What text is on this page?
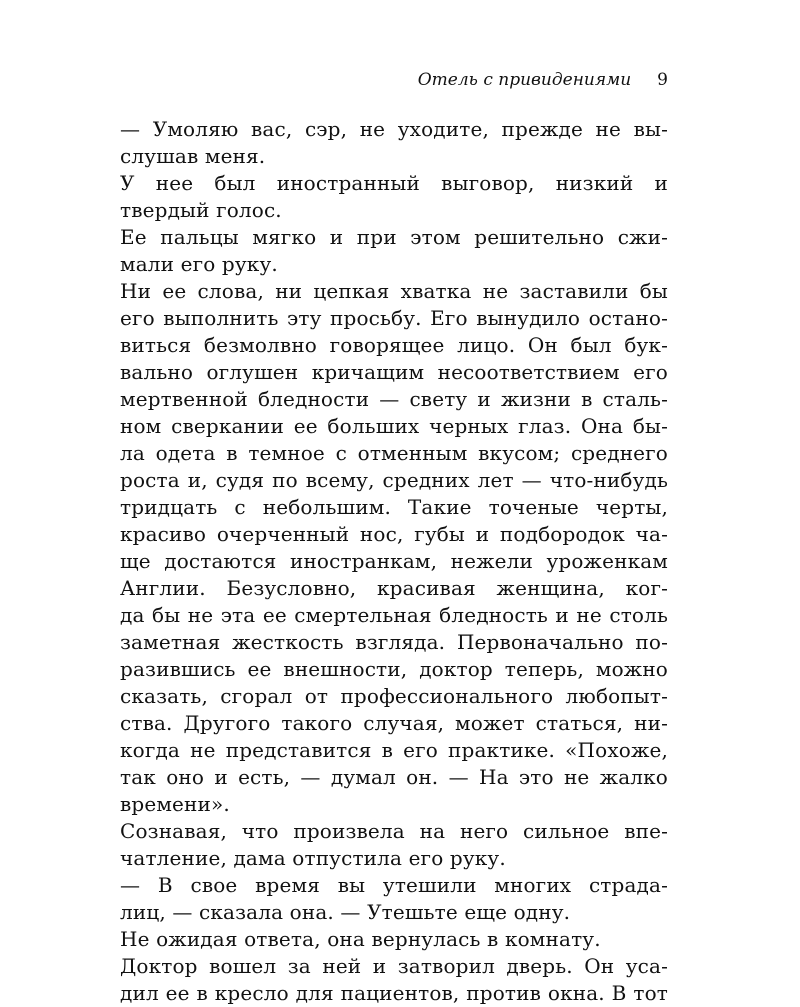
Отель с привидениями 9
— Умоляю вас, сэр, не уходите, прежде не вы-
слушав меня.
У нее был иностранный выговор, низкий и
твердый голос.
Ее пальцы мягко и при этом решительно сжи-
мали его руку.
Ни ее слова, ни цепкая хватка не заставили бы
его выполнить эту просьбу. Его вынудило остано-
виться безмолвно говорящее лицо. Он был бук-
вально оглушен кричащим несоответствием его
мертвенной бледности — свету и жизни в сталь-
ном сверкании ее больших черных глаз. Она бы-
ла одета в темное с отменным вкусом; среднего
роста и, судя по всему, средних лет — что-нибудь
тридцать с небольшим. Такие точеные черты,
красиво очерченный нос, губы и подбородок ча-
ще достаются иностранкам, нежели уроженкам
Англии. Безусловно, красивая женщина, ког-
да бы не эта ее смертельная бледность и не столь
заметная жесткость взгляда. Первоначально по-
разившись ее внешности, доктор теперь, можно
сказать, сгорал от профессионального любопыт-
ства. Другого такого случая, может статься, ни-
когда не представится в его практике. «Похоже,
так оно и есть, — думал он. — На это не жалко
времени».
Сознавая, что произвела на него сильное впе-
чатление, дама отпустила его руку.
— В свое время вы утешили многих страда-
лиц, — сказала она. — Утешьте еще одну.
Не ожидая ответа, она вернулась в комнату.
Доктор вошел за ней и затворил дверь. Он уса-
дил ее в кресло для пациентов, против окна. В тот
